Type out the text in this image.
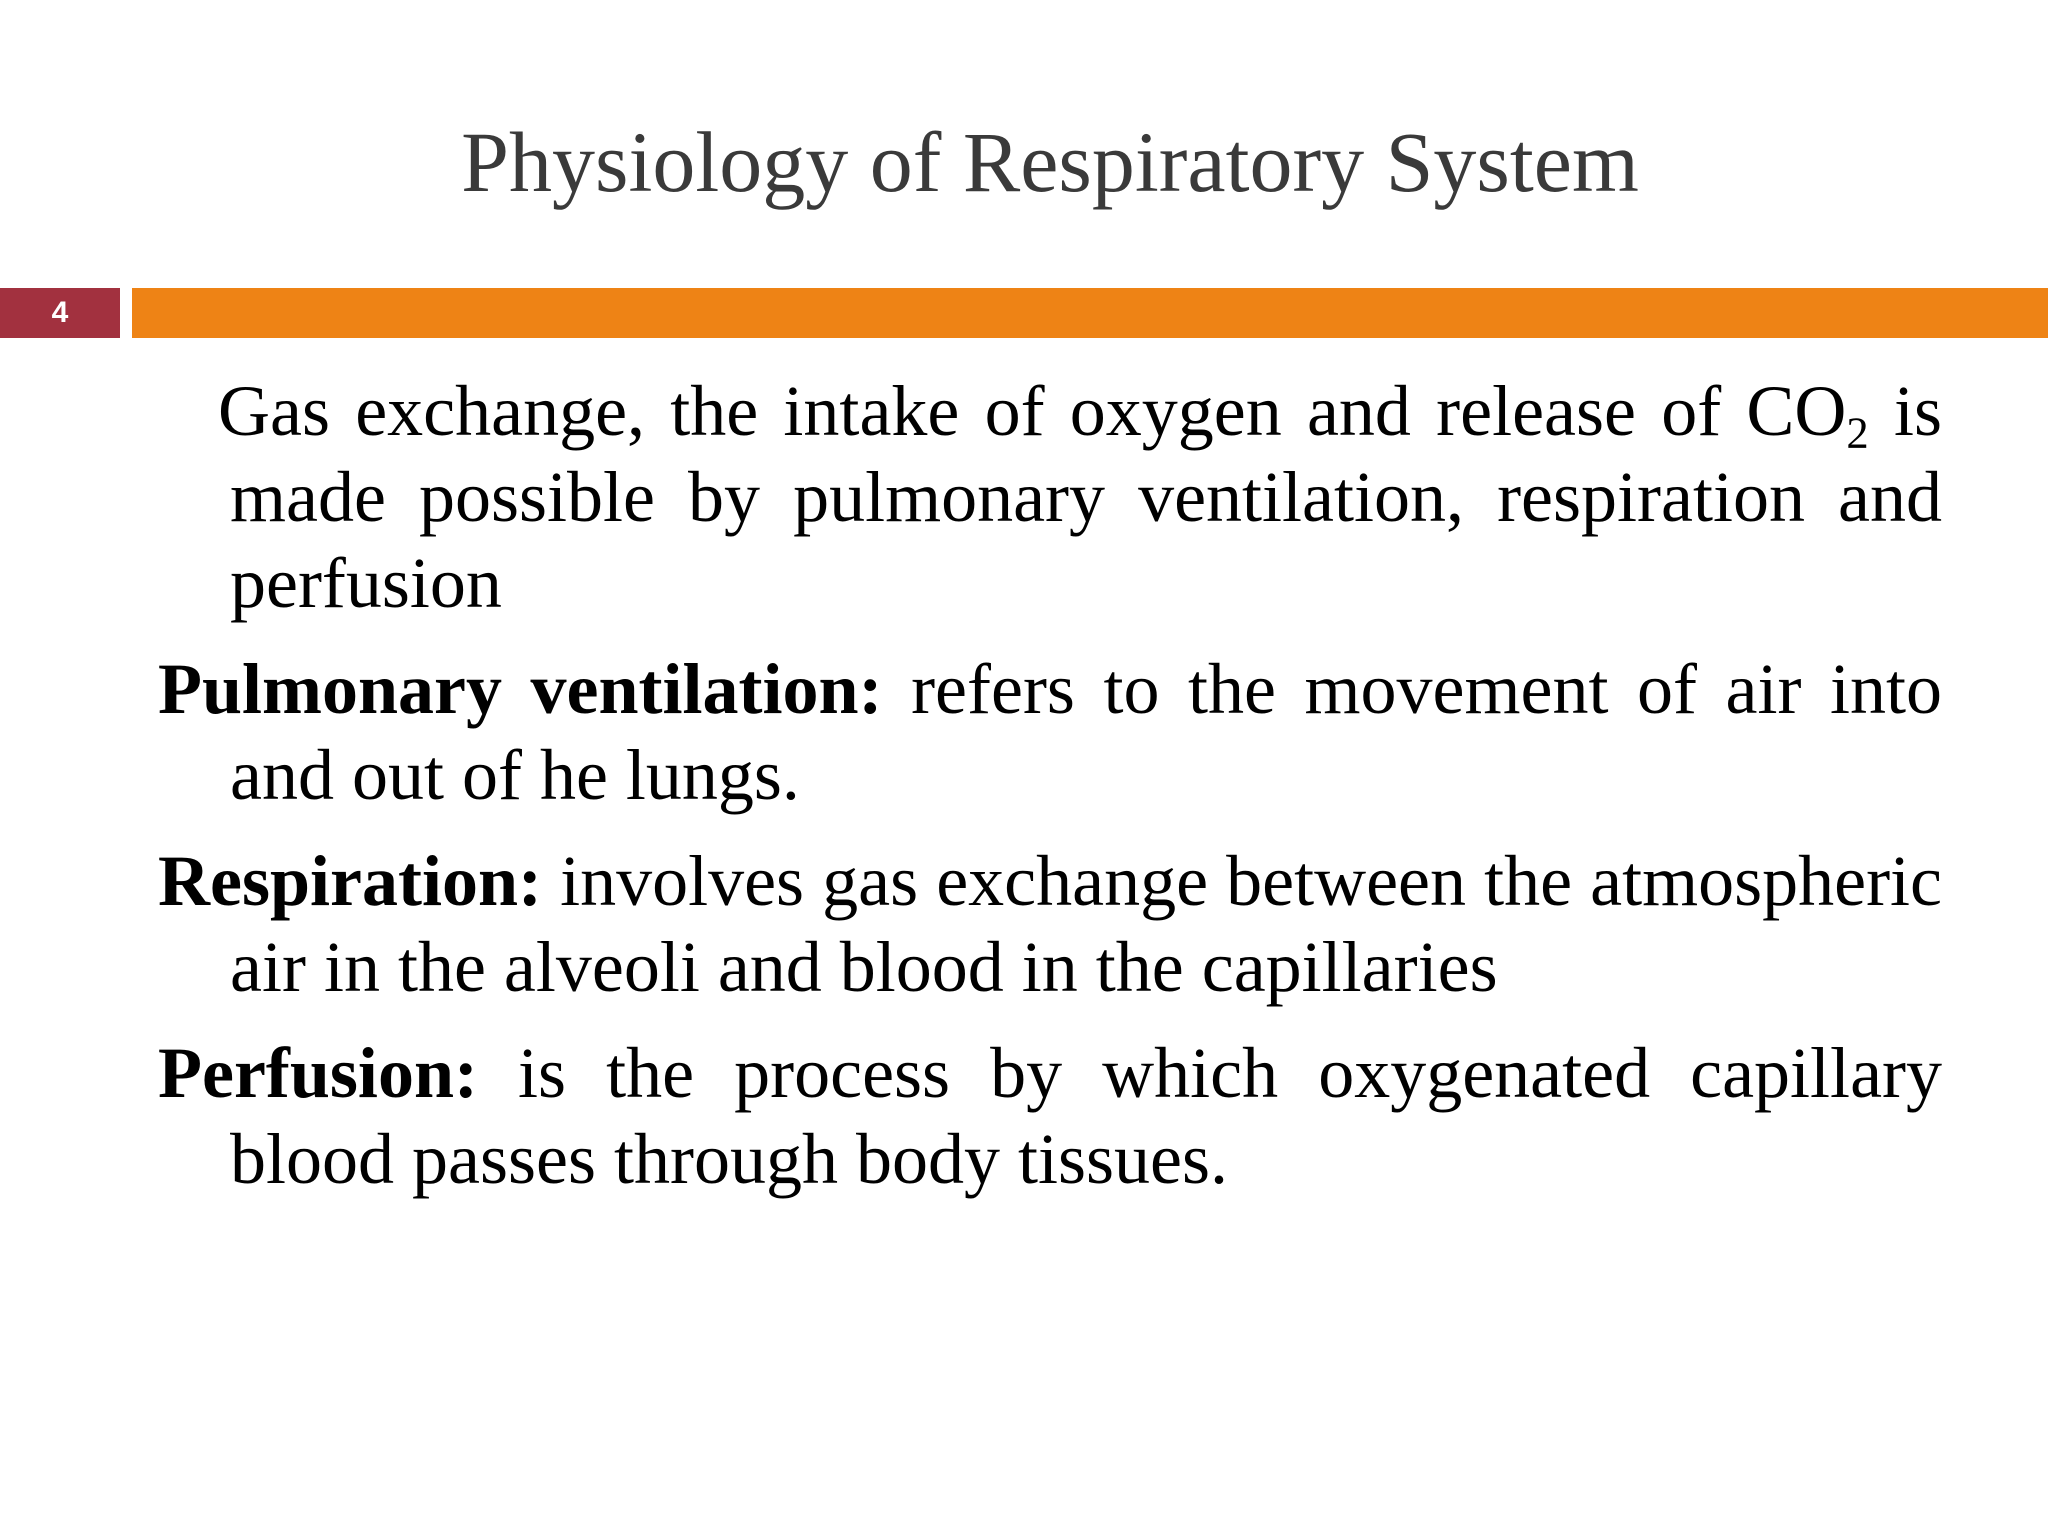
Physiology of Respiratory System
4

Gas exchange, the intake of oxygen and release of $CO_2$ is made possible by pulmonary ventilation, respiration and perfusion

Pulmonary ventilation: refers to the movement of air into and out of he lungs.

Respiration: involves gas exchange between the atmospheric air in the alveoli and blood in the capillaries

Perfusion: is the process by which oxygenated capillary blood passes through body tissues.
